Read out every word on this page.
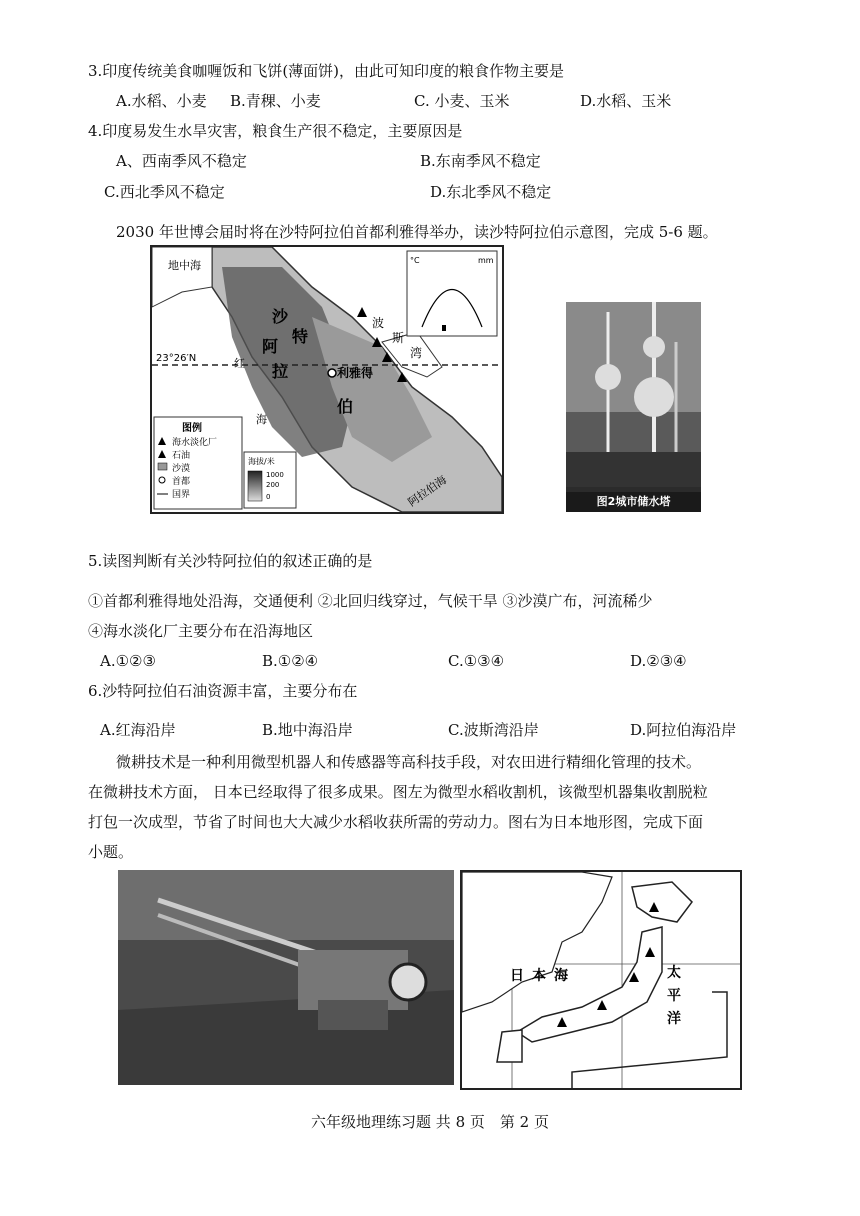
3.印度传统美食咖喱饭和飞饼(薄面饼)，由此可知印度的粮食作物主要是
A.水稻、小麦 B.青稞、小麦	C. 小麦、玉米	D.水稻、玉米
4.印度易发生水旱灾害，粮食生产很不稳定，主要原因是
A、西南季风不稳定	B.东南季风不稳定
C.西北季风不稳定	D.东北季风不稳定
2030 年世博会届时将在沙特阿拉伯首都利雅得举办，读沙特阿拉伯示意图，完成 5-6 题。
23°26′N
地中海
沙
特
阿
拉
伯
利雅得
波
斯
湾
红
海
阿拉伯海
°C	mm
图例
海水淡化厂
石油
沙漠
首都
国界
海拔/米
1000
200
0	图2城市储水塔
5.读图判断有关沙特阿拉伯的叙述正确的是
①首都利雅得地处沿海，交通便利 ②北回归线穿过，气候干旱 ③沙漠广布，河流稀少
④海水淡化厂主要分布在沿海地区
A.①②③	B.①②④	C.①③④	D.②③④
6.沙特阿拉伯石油资源丰富，主要分布在
A.红海沿岸	B.地中海沿岸	C.波斯湾沿岸	D.阿拉伯海沿岸
微耕技术是一种利用微型机器人和传感器等高科技手段，对农田进行精细化管理的技术。
在微耕技术方面， 日本已经取得了很多成果。图左为微型水稻收割机，该微型机器集收割脱粒
打包一次成型，节省了时间也大大减少水稻收获所需的劳动力。图右为日本地形图，完成下面
小题。
日 本 海	太
平
洋
六年级地理练习题 共 8 页　第 2 页
